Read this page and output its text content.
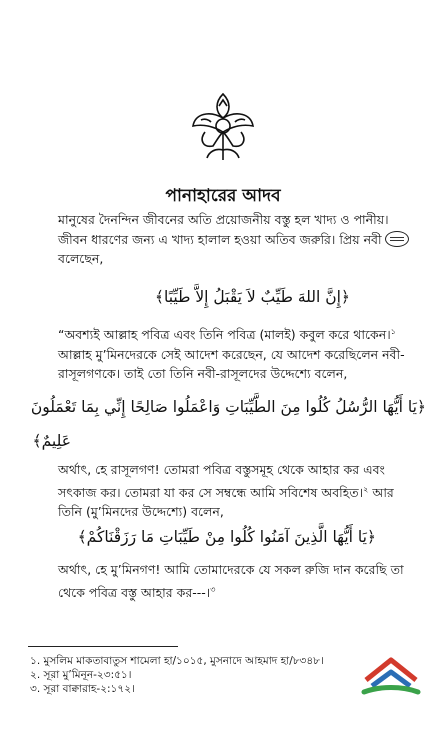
পানাহারের আদব
মানুষের দৈনন্দিন জীবনের অতি প্রয়োজনীয় বস্তু হল খাদ্য ও পানীয়।
জীবন ধারণের জন্য এ খাদ্য হালাল হওয়া অতিব জরুরি। প্রিয় নবী
বলেছেন,
﴿إِنَّ اللهَ طَيِّبٌ لاَ يَقْبَلُ إِلاَّ طَيِّبًا﴾
“অবশ্যই আল্লাহ পবিত্র এবং তিনি পবিত্র (মালই) কবুল করে থাকেন।$^১$
আল্লাহ মু’মিনদেরকে সেই আদেশ করেছেন, যে আদেশ করেছিলেন নবী-
রাসূলগণকে। তাই তো তিনি নবী-রাসূলদের উদ্দেশ্যে বলেন,
﴿يَا أَيُّهَا الرُّسُلُ كُلُوا مِنَ الطَّيِّبَاتِ وَاعْمَلُوا صَالِحًا إِنِّي بِمَا تَعْمَلُونَ
عَلِيمٌ﴾
অর্থাৎ, হে রাসূলগণ! তোমরা পবিত্র বস্তুসমূহ থেকে আহার কর এবং
সৎকাজ কর। তোমরা যা কর সে সম্বন্ধে আমি সবিশেষ অবহিত।$^২$ আর
তিনি (মু’মিনদের উদ্দেশ্যে) বলেন,
﴿يَا أَيُّهَا الَّذِينَ آمَنُوا كُلُوا مِنْ طَيِّبَاتِ مَا رَزَقْنَاكُمْ﴾
অর্থাৎ, হে মু’মিনগণ! আমি তোমাদেরকে যে সকল রুজি দান করেছি তা
থেকে পবিত্র বস্তু আহার কর---।$^৩$
১. মুসলিম মাকতাবাতুস শামেলা হা/১০১৫, মুসনাদে আহমাদ হা/৮৩৪৮।
২. সূরা মু’মিনূন-২৩:৫১।
৩. সূরা বাক্বারাহ-২:১৭২।
